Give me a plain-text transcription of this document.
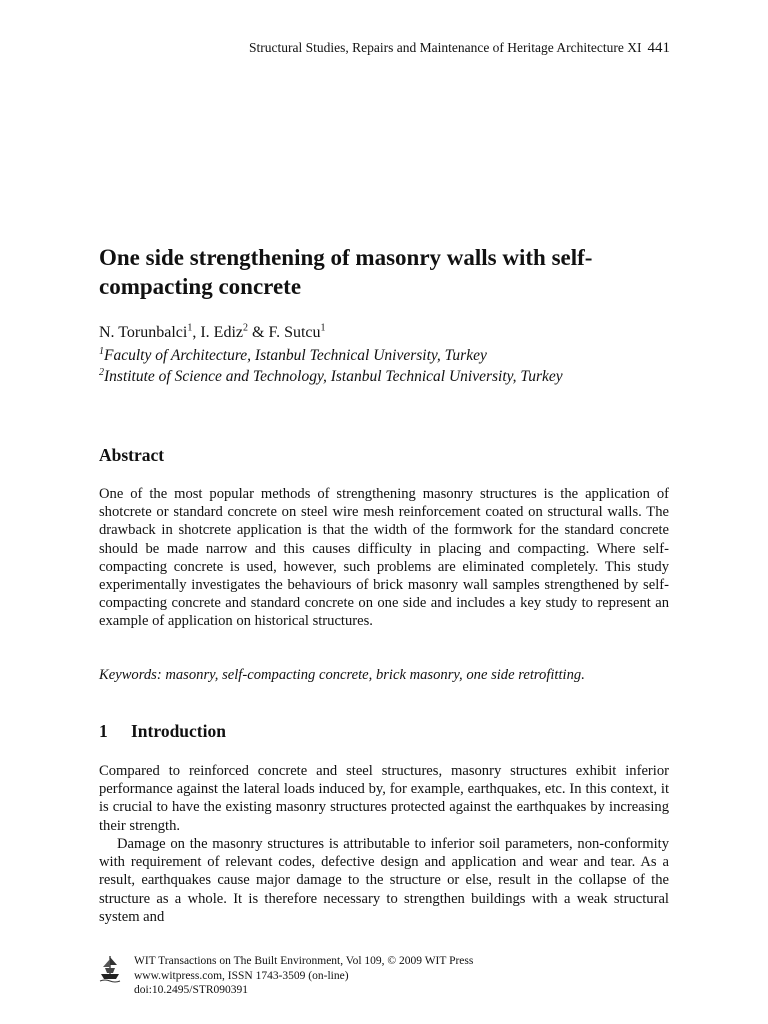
Structural Studies, Repairs and Maintenance of Heritage Architecture XI 441
One side strengthening of masonry walls with self-compacting concrete
N. Torunbalci$^1$, I. Ediz$^2$ & F. Sutcu$^1$
$^1$Faculty of Architecture, Istanbul Technical University, Turkey
$^2$Institute of Science and Technology, Istanbul Technical University, Turkey
Abstract

One of the most popular methods of strengthening masonry structures is the application of shotcrete or standard concrete on steel wire mesh reinforcement coated on structural walls. The drawback in shotcrete application is that the width of the formwork for the standard concrete should be made narrow and this causes difficulty in placing and compacting. Where self-compacting concrete is used, however, such problems are eliminated completely. This study experimentally investigates the behaviours of brick masonry wall samples strengthened by self-compacting concrete and standard concrete on one side and includes a key study to represent an example of application on historical structures.

Keywords: masonry, self-compacting concrete, brick masonry, one side retrofitting.

1 Introduction

Compared to reinforced concrete and steel structures, masonry structures exhibit inferior performance against the lateral loads induced by, for example, earthquakes, etc. In this context, it is crucial to have the existing masonry structures protected against the earthquakes by increasing their strength.

Damage on the masonry structures is attributable to inferior soil parameters, non-conformity with requirement of relevant codes, defective design and application and wear and tear. As a result, earthquakes cause major damage to the structure or else, result in the collapse of the structure as a whole. It is therefore necessary to strengthen buildings with a weak structural system and

WIT Transactions on The Built Environment, Vol 109, © 2009 WIT Press
www.witpress.com, ISSN 1743-3509 (on-line)
doi:10.2495/STR090391
